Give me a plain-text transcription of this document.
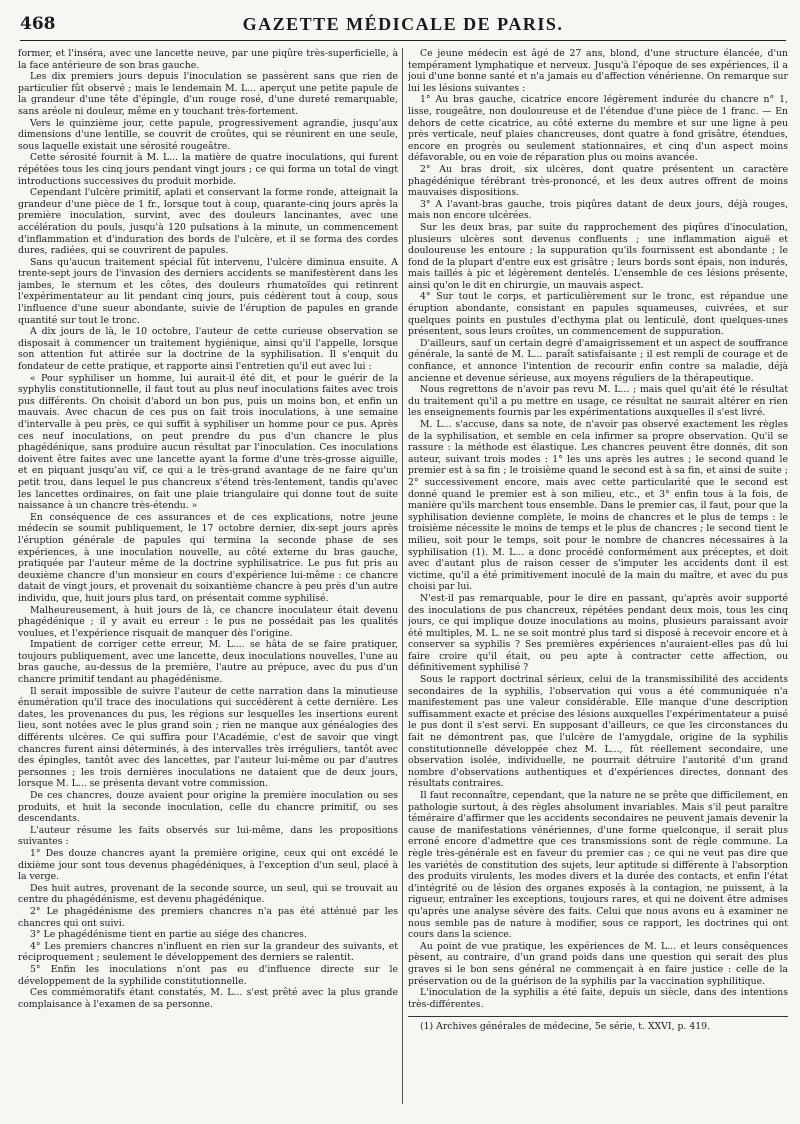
468	GAZETTE MÉDICALE DE PARIS.

former, et l'inséra, avec une lancette neuve, par une piqûre très-superficielle, à la face antérieure de son bras gauche.

Les dix premiers jours depuis l'inoculation se passèrent sans que rien de particulier fût observé ; mais le lendemain M. L... aperçut une petite papule de la grandeur d'une tête d'épingle, d'un rouge rosé, d'une dureté remarquable, sans aréole ni douleur, même en y touchant très-fortement.

Vers le quinzième jour, cette papule, progressivement agrandie, jusqu'aux dimensions d'une lentille, se couvrit de croûtes, qui se réunirent en une seule, sous laquelle existait une sérosité rougeâtre.

Cette sérosité fournit à M. L... la matière de quatre inoculations, qui furent répétées tous les cinq jours pendant vingt jours ; ce qui forma un total de vingt introductions successives du produit morbide.

Cependant l'ulcère primitif, aplati et conservant la forme ronde, atteignait la grandeur d'une pièce de 1 fr., lorsque tout à coup, quarante-cinq jours après la première inoculation, survint, avec des douleurs lancinantes, avec une accélération du pouls, jusqu'à 120 pulsations à la minute, un commencement d'inflammation et d'induration des bords de l'ulcère, et il se forma des cordes dures, radiées, qui se couvrirent de papules.

Sans qu'aucun traitement spécial fût intervenu, l'ulcère diminua ensuite. A trente-sept jours de l'invasion des derniers accidents se manifestèrent dans les jambes, le sternum et les côtes, des douleurs rhumatoïdes qui retinrent l'expérimentateur au lit pendant cinq jours, puis cédèrent tout à coup, sous l'influence d'une sueur abondante, suivie de l'éruption de papules en grande quantité sur tout le tronc.

A dix jours de là, le 10 octobre, l'auteur de cette curieuse observation se disposait à commencer un traitement hygiénique, ainsi qu'il l'appelle, lorsque son attention fut attirée sur la doctrine de la syphilisation. Il s'enquit du fondateur de cette pratique, et rapporte ainsi l'entretien qu'il eut avec lui :

« Pour syphiliser un homme, lui aurait-il été dit, et pour le guérir de la syphylis constitutionnelle, il faut tout au plus neuf inoculations faites avec trois pus différents. On choisit d'abord un bon pus, puis un moins bon, et enfin un mauvais. Avec chacun de ces pus on fait trois inoculations, à une semaine d'intervalle à peu près, ce qui suffit à syphiliser un homme pour ce pus. Après ces neuf inoculations, on peut prendre du pus d'un chancre le plus phagédénique, sans produire aucun résultat par l'inoculation. Ces inoculations doivent être faites avec une lancette ayant la forme d'une très-grosse aiguille, et en piquant jusqu'au vif, ce qui a le très-grand avantage de ne faire qu'un petit trou, dans lequel le pus chancreux s'étend très-lentement, tandis qu'avec les lancettes ordinaires, on fait une plaie triangulaire qui donne tout de suite naissance à un chancre très-étendu. »

En conséquence de ces assurances et de ces explications, notre jeune médecin se soumit publiquement, le 17 octobre dernier, dix-sept jours après l'éruption générale de papules qui termina la seconde phase de ses expériences, à une inoculation nouvelle, au côté externe du bras gauche, pratiquée par l'auteur même de la doctrine syphilisatrice. Le pus fut pris au deuxième chancre d'un monsieur en cours d'expérience lui-même : ce chancre datait de vingt jours, et provenait du soixantième chancre à peu près d'un autre individu, que, huit jours plus tard, on présentait comme syphilisé.

Malheureusement, à huit jours de là, ce chancre inoculateur était devenu phagédénique ; il y avait eu erreur : le pus ne possédait pas les qualités voulues, et l'expérience risquait de manquer dès l'origine.

Impatient de corriger cette erreur, M. L.... se hâta de se faire pratiquer, toujours publiquement, avec une lancette, deux inoculations nouvelles, l'une au bras gauche, au-dessus de la première, l'autre au prépuce, avec du pus d'un chancre primitif tendant au phagédénisme.

Il serait impossible de suivre l'auteur de cette narration dans la minutieuse énumération qu'il trace des inoculations qui succédèrent à cette dernière. Les dates, les provenances du pus, les régions sur lesquelles les insertions eurent lieu, sont notées avec le plus grand soin ; rien ne manque aux généalogies des différents ulcères. Ce qui suffira pour l'Académie, c'est de savoir que vingt chancres furent ainsi déterminés, à des intervalles très irréguliers, tantôt avec des épingles, tantôt avec des lancettes, par l'auteur lui-même ou par d'autres personnes ; les trois dernières inoculations ne dataient que de deux jours, lorsque M. L... se présenta devant votre commission.

De ces chancres, douze avaient pour origine la première inoculation ou ses produits, et huit la seconde inoculation, celle du chancre primitif, ou ses descendants.

L'auteur résume les faits observés sur lui-même, dans les propositions suivantes :

1° Des douze chancres ayant la première origine, ceux qui ont excédé le dixième jour sont tous devenus phagédéniques, à l'exception d'un seul, placé à la verge.

Des huit autres, provenant de la seconde source, un seul, qui se trouvait au centre du phagédénisme, est devenu phagédénique.

2° Le phagédénisme des premiers chancres n'a pas été atténué par les chancres qui ont suivi.

3° Le phagédénisme tient en partie au siége des chancres.

4° Les premiers chancres n'influent en rien sur la grandeur des suivants, et réciproquement ; seulement le développement des derniers se ralentit.

5° Enfin les inoculations n'ont pas eu d'influence directe sur le développement de la syphilide constitutionnelle.

Ces commémoratifs étant constatés, M. L... s'est prêté avec la plus grande complaisance à l'examen de sa personne.

Ce jeune médecin est âgé de 27 ans, blond, d'une structure élancée, d'un tempérament lymphatique et nerveux. Jusqu'à l'époque de ses expériences, il a joui d'une bonne santé et n'a jamais eu d'affection vénérienne. On remarque sur lui les lésions suivantes :

1° Au bras gauche, cicatrice encore légèrement indurée du chancre n° 1, lisse, rougeâtre, non douloureuse et de l'étendue d'une pièce de 1 franc. — En dehors de cette cicatrice, au côté externe du membre et sur une ligne à peu près verticale, neuf plaies chancreuses, dont quatre à fond grisâtre, étendues, encore en progrès ou seulement stationnaires, et cinq d'un aspect moins défavorable, ou en voie de réparation plus ou moins avancée.

2° Au bras droit, six ulcères, dont quatre présentent un caractère phagédénique térébrant très-prononcé, et les deux autres offrent de moins mauvaises dispositions.

3° A l'avant-bras gauche, trois piqûres datant de deux jours, déjà rouges, mais non encore ulcérées.

Sur les deux bras, par suite du rapprochement des piqûres d'inoculation, plusieurs ulcères sont devenus confluents ; une inflammation aiguë et douloureuse les entoure ; la suppuration qu'ils fournissent est abondante ; le fond de la plupart d'entre eux est grisâtre ; leurs bords sont épais, non indurés, mais taillés à pic et légèrement dentelés. L'ensemble de ces lésions présente, ainsi qu'on le dit en chirurgie, un mauvais aspect.

4° Sur tout le corps, et particulièrement sur le tronc, est répandue une éruption abondante, consistant en papules squameuses, cuivrées, et sur quelques points en pustules d'ecthyma plat ou lenticulé, dont quelques-unes présentent, sous leurs croûtes, un commencement de suppuration.

D'ailleurs, sauf un certain degré d'amaigrissement et un aspect de souffrance générale, la santé de M. L... paraît satisfaisante ; il est rempli de courage et de confiance, et annonce l'intention de recourir enfin contre sa maladie, déjà ancienne et devenue sérieuse, aux moyens réguliers de la thérapeutique.

Nous regrettons de n'avoir pas revu M. L... ; mais quel qu'ait été le résultat du traitement qu'il a pu mettre en usage, ce résultat ne saurait altérer en rien les enseignements fournis par les expérimentations auxquelles il s'est livré.

M. L... s'accuse, dans sa note, de n'avoir pas observé exactement les règles de la syphilisation, et semble en cela infirmer sa propre observation. Qu'il se rassure : la méthode est élastique. Les chancres peuvent être donnés, dit son auteur, suivant trois modes : 1° les uns après les autres ; le second quand le premier est à sa fin ; le troisième quand le second est à sa fin, et ainsi de suite ; 2° successivement encore, mais avec cette particularité que le second est donné quand le premier est à son milieu, etc., et 3° enfin tous à la fois, de manière qu'ils marchent tous ensemble. Dans le premier cas, il faut, pour que la syphilisation devienne complète, le moins de chancres et le plus de temps : le troisième nécessite le moins de temps et le plus de chancres ; le second tient le milieu, soit pour le temps, soit pour le nombre de chancres nécessaires à la syphilisation (1). M. L... a donc procédé conformément aux préceptes, et doit avec d'autant plus de raison cesser de s'imputer les accidents dont il est victime, qu'il a été primitivement inoculé de la main du maître, et avec du pus choisi par lui.

N'est-il pas remarquable, pour le dire en passant, qu'après avoir supporté des inoculations de pus chancreux, répétées pendant deux mois, tous les cinq jours, ce qui implique douze inoculations au moins, plusieurs paraissant avoir été multiples, M. L. ne se soit montré plus tard si disposé à recevoir encore et à conserver sa syphilis ? Ses premières expériences n'auraient-elles pas dû lui faire croire qu'il était, ou peu apte à contracter cette affection, ou définitivement syphilisé ?

Sous le rapport doctrinal sérieux, celui de la transmissibilité des accidents secondaires de la syphilis, l'observation qui vous a été communiquée n'a manifestement pas une valeur considérable. Elle manque d'une description suffisamment exacte et précise des lésions auxquelles l'expérimentateur a puisé le pus dont il s'est servi. En supposant d'ailleurs, ce que les circonstances du fait ne démontrent pas, que l'ulcère de l'amygdale, origine de la syphilis constitutionnelle développée chez M. L..., fût réellement secondaire, une observation isolée, individuelle, ne pourrait détruire l'autorité d'un grand nombre d'observations authentiques et d'expériences directes, donnant des résultats contraires.

Il faut reconnaître, cependant, que la nature ne se prête que difficilement, en pathologie surtout, à des règles absolument invariables. Mais s'il peut paraître téméraire d'affirmer que les accidents secondaires ne peuvent jamais devenir la cause de manifestations vénériennes, d'une forme quelconque, il serait plus erroné encore d'admettre que ces transmissions sont de règle commune. La règle très-générale est en faveur du premier cas ; ce qui ne veut pas dire que les variétés de constitution des sujets, leur aptitude si différente à l'absorption des produits virulents, les modes divers et la durée des contacts, et enfin l'état d'intégrité ou de lésion des organes exposés à la contagion, ne puissent, à la rigueur, entraîner les exceptions, toujours rares, et qui ne doivent être admises qu'après une analyse sévère des faits. Celui que nous avons eu à examiner ne nous semble pas de nature à modifier, sous ce rapport, les doctrines qui ont cours dans la science.

Au point de vue pratique, les expériences de M. L... et leurs conséquences pèsent, au contraire, d'un grand poids dans une question qui serait des plus graves si le bon sens général ne commençait à en faire justice : celle de la préservation ou de la guérison de la syphilis par la vaccination syphilitique.

L'inoculation de la syphilis a été faite, depuis un siècle, dans des intentions très-différentes.

(1) Archives générales de médecine, 5e série, t. XXVI, p. 419.
